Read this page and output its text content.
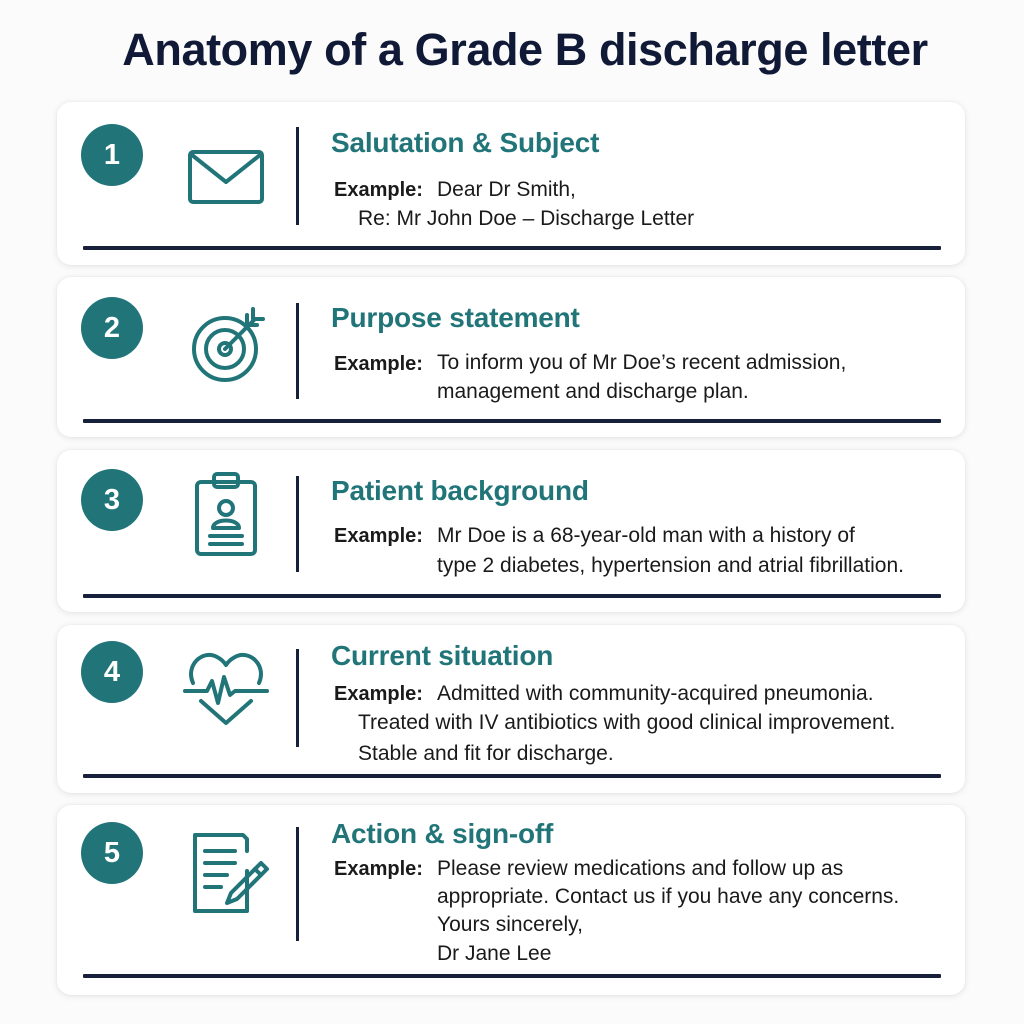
Anatomy of a Grade B discharge letter
1	Salutation & Subject
Example: Dear Dr Smith,
Re: Mr John Doe – Discharge Letter
2	Purpose statement
Example: To inform you of Mr Doe’s recent admission,
management and discharge plan.
3	Patient background
Example: Mr Doe is a 68-year-old man with a history of
type 2 diabetes, hypertension and atrial fibrillation.
4
Current situation
Example: Admitted with community-acquired pneumonia.
Treated with IV antibiotics with good clinical improvement.
Stable and fit for discharge.
5
Action & sign-off
Example: Please review medications and follow up as
appropriate. Contact us if you have any concerns.
Yours sincerely,
Dr Jane Lee
